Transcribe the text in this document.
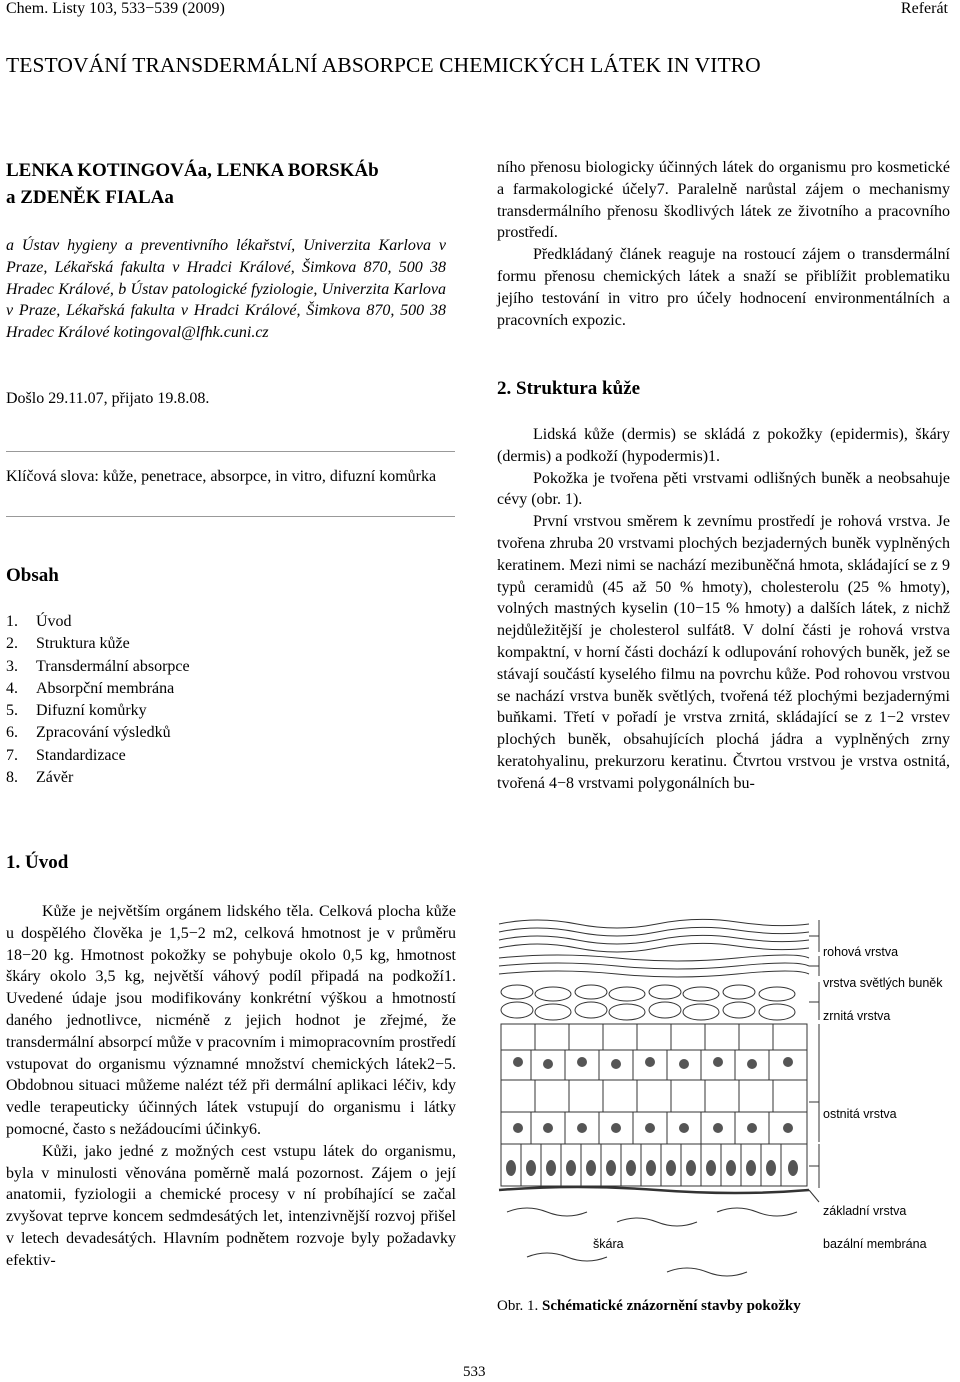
Chem. Listy 103, 533−539 (2009)	Referát
TESTOVÁNÍ TRANSDERMÁLNÍ ABSORPCE CHEMICKÝCH LÁTEK IN VITRO
LENKA KOTINGOVÁa, LENKA BORSKÁb
a ZDENĚK FIALAa
a Ústav hygieny a preventivního lékařství, Univerzita Karlova v Praze, Lékařská fakulta v Hradci Králové, Šimkova 870, 500 38 Hradec Králové, b Ústav patologické fyziologie, Univerzita Karlova v Praze, Lékařská fakulta v Hradci Králové, Šimkova 870, 500 38 Hradec Králové kotingoval@lfhk.cuni.cz
Došlo 29.11.07, přijato 19.8.08.
Klíčová slova: kůže, penetrace, absorpce, in vitro, difuzní komůrka
Obsah
1. Úvod
2. Struktura kůže
3. Transdermální absorpce
4. Absorpční membrána
5. Difuzní komůrky
6. Zpracování výsledků
7. Standardizace
8. Závěr
1. Úvod

Kůže je největším orgánem lidského těla. Celková plocha kůže u dospělého člověka je 1,5−2 m2, celková hmotnost je v průměru 18−20 kg. Hmotnost pokožky se pohybuje okolo 0,5 kg, hmotnost škáry okolo 3,5 kg, největší váhový podíl připadá na podkoží1. Uvedené údaje jsou modifikovány konkrétní výškou a hmotností daného jednotlivce, nicméně z jejich hodnot je zřejmé, že transdermální absorpcí může v pracovním i mimopracovním prostředí vstupovat do organismu významné množství chemických látek2−5. Obdobnou situaci můžeme nalézt též při dermální aplikaci léčiv, kdy vedle terapeuticky účinných látek vstupují do organismu i látky pomocné, často s nežádoucími účinky6.

Kůži, jako jedné z možných cest vstupu látek do organismu, byla v minulosti věnována poměrně malá pozornost. Zájem o její anatomii, fyziologii a chemické procesy v ní probíhající se začal zvyšovat teprve koncem sedmdesátých let, intenzivnější rozvoj přišel v letech devadesátých. Hlavním podnětem rozvoje byly požadavky efektiv-

ního přenosu biologicky účinných látek do organismu pro kosmetické a farmakologické účely7. Paralelně narůstal zájem o mechanismy transdermálního přenosu škodlivých látek ze životního a pracovního prostředí.

Předkládaný článek reaguje na rostoucí zájem o transdermální formu přenosu chemických látek a snaží se přiblížit problematiku jejího testování in vitro pro účely hodnocení environmentálních a pracovních expozic.

2. Struktura kůže

Lidská kůže (dermis) se skládá z pokožky (epidermis), škáry (dermis) a podkoží (hypodermis)1.

Pokožka je tvořena pěti vrstvami odlišných buněk a neobsahuje cévy (obr. 1).

První vrstvou směrem k zevnímu prostředí je rohová vrstva. Je tvořena zhruba 20 vrstvami plochých bezjaderných buněk vyplněných keratinem. Mezi nimi se nachází mezibuněčná hmota, skládající se z 9 typů ceramidů (45 až 50 % hmoty), cholesterolu (25 % hmoty), volných mastných kyselin (10−15 % hmoty) a dalších látek, z nichž nejdůležitější je cholesterol sulfát8. V dolní části je rohová vrstva kompaktní, v horní části dochází k odlupování rohových buněk, jež se stávají součástí kyselého filmu na povrchu kůže. Pod rohovou vrstvou se nachází vrstva buněk světlých, tvořená též plochými bezjadernými buňkami. Třetí v pořadí je vrstva zrnitá, skládající se z 1−2 vrstev plochých buněk, obsahujících plochá jádra a vyplněných zrny keratohyalinu, prekurzoru keratinu. Čtvrtou vrstvou je vrstva ostnitá, tvořená 4−8 vrstvami polygonálních bu-

rohová vrstva
vrstva světlých buněk
zrnitá vrstva
ostnitá vrstva
základní vrstva
škára	bazální membrána
Obr. 1. Schématické znázornění stavby pokožky
533
